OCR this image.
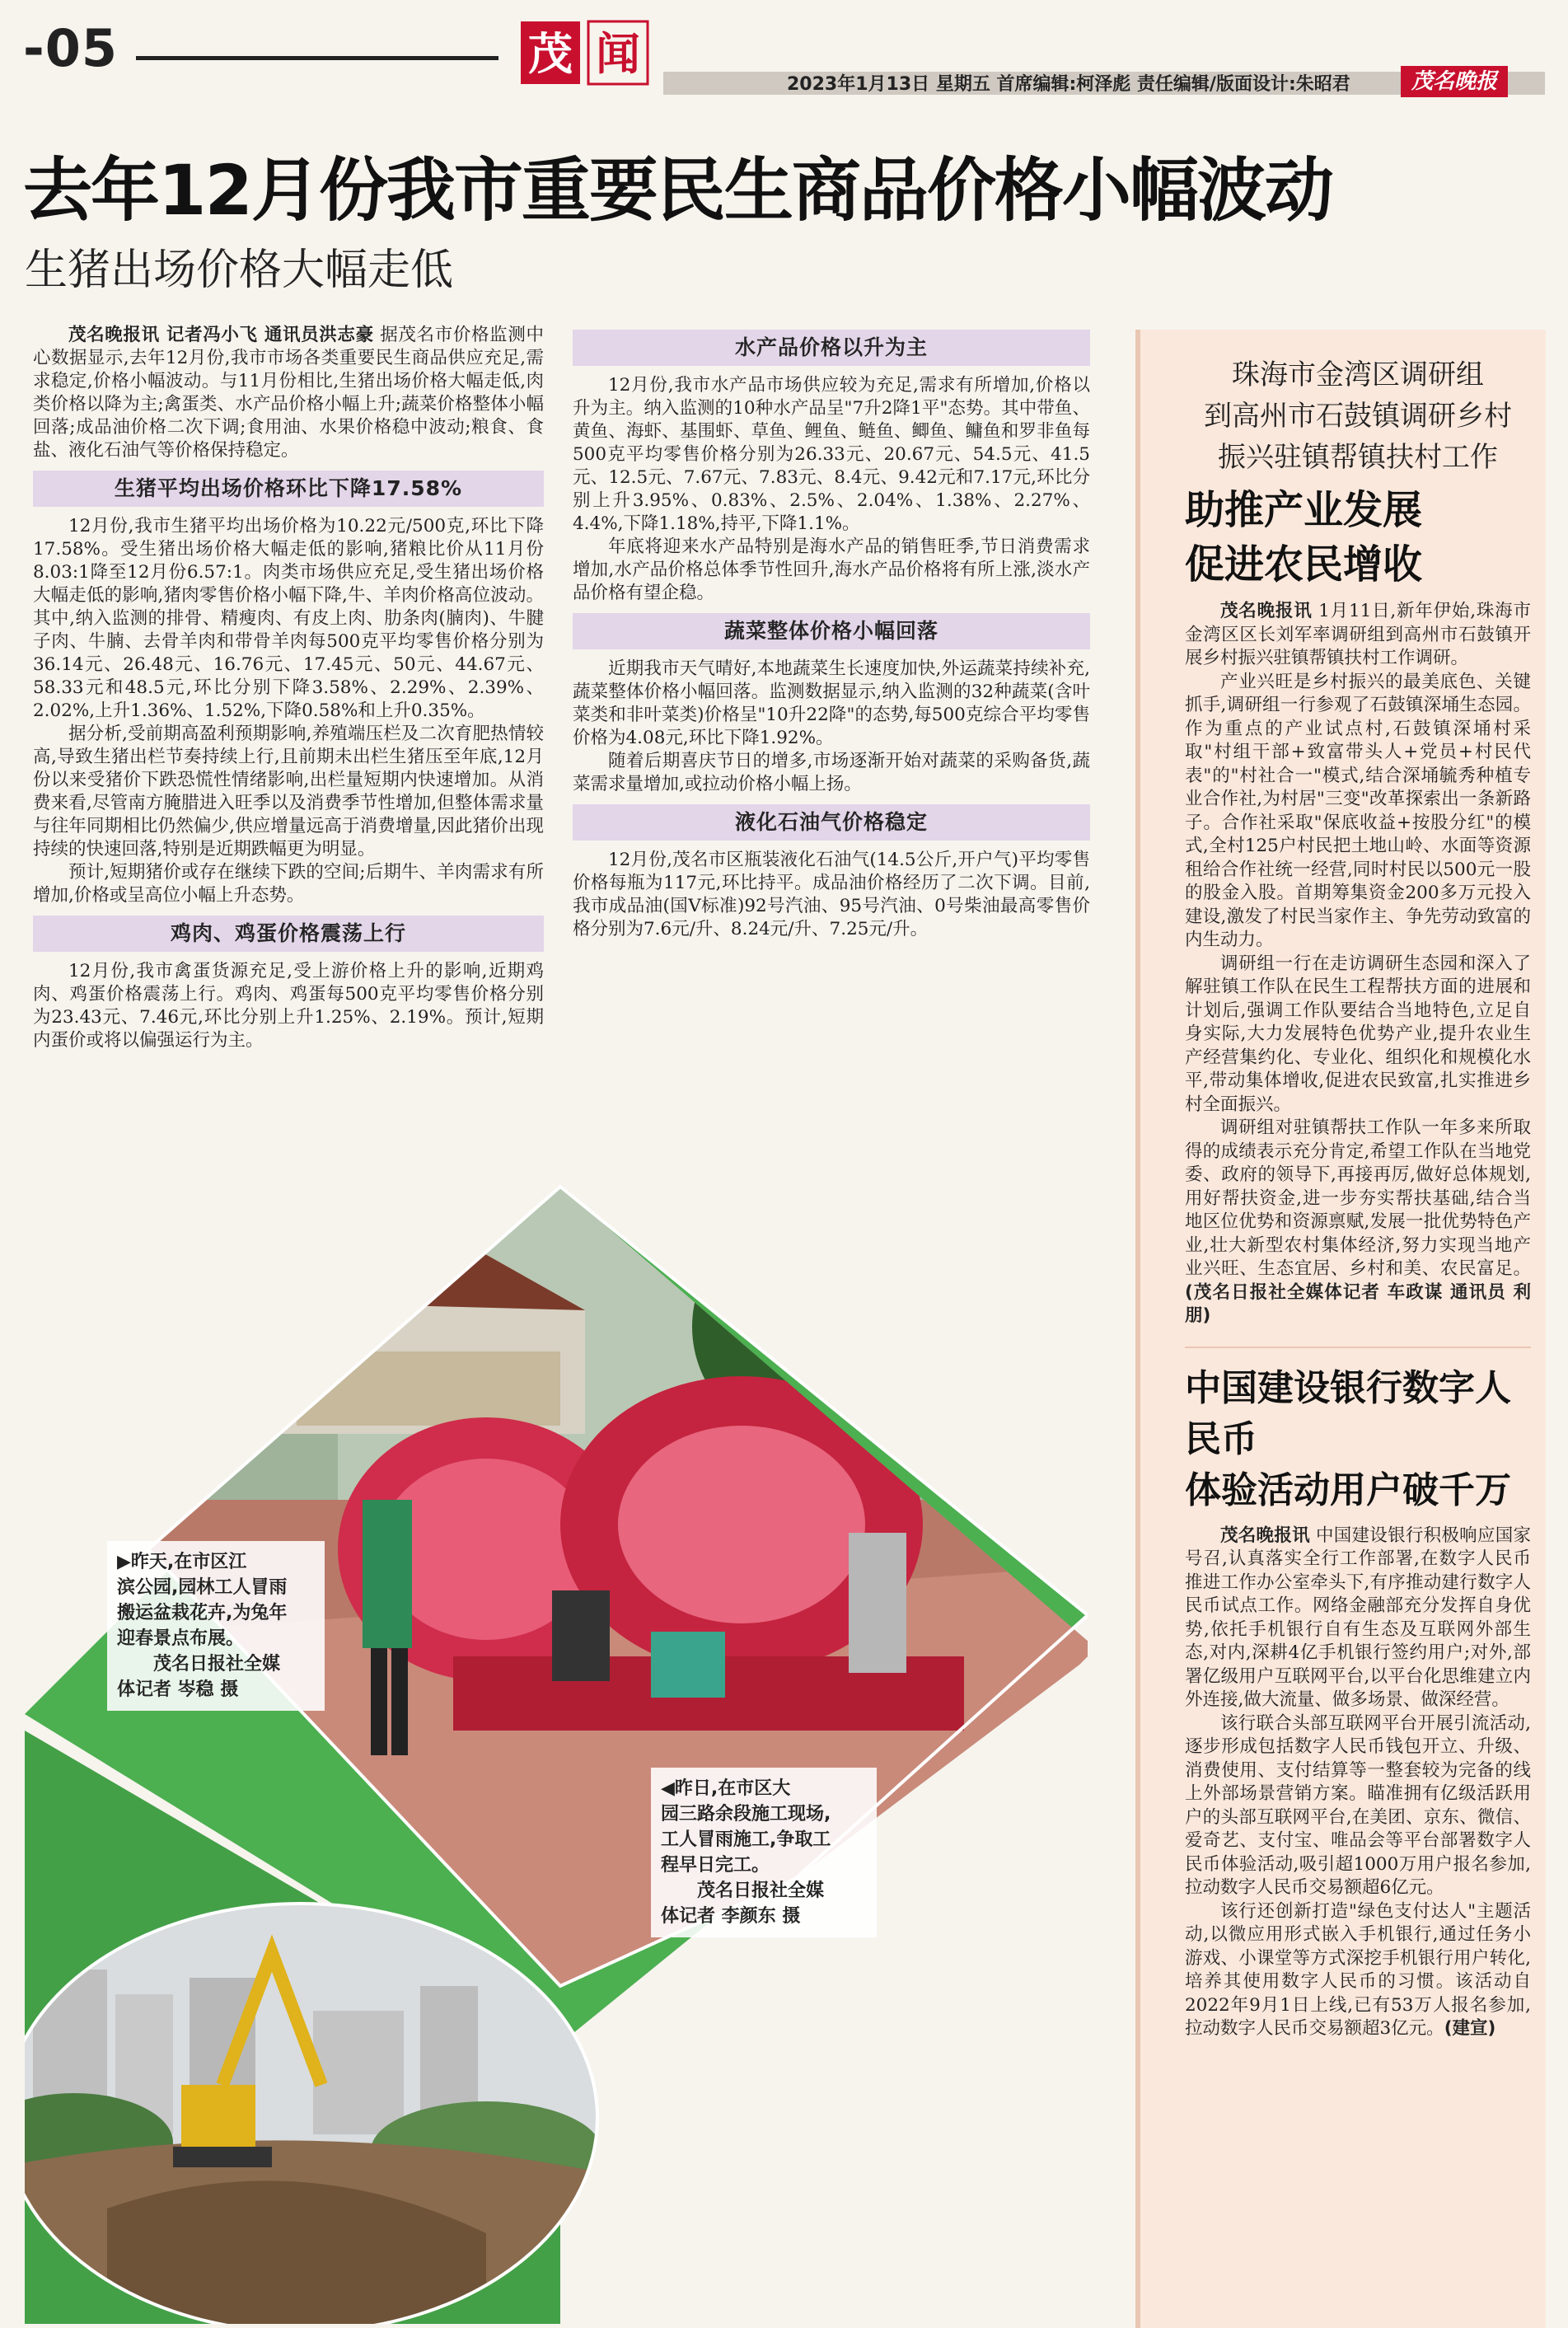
-05	茂 闻
2023年1月13日 星期五 首席编辑:柯泽彪 责任编辑/版面设计:朱昭君	茂名晚报
去年12月份我市重要民生商品价格小幅波动
生猪出场价格大幅走低

茂名晚报讯 记者冯小飞 通讯员洪志豪 据茂名市价格监测中心数据显示,去年12月份,我市市场各类重要民生商品供应充足,需求稳定,价格小幅波动。与11月份相比,生猪出场价格大幅走低,肉类价格以降为主;禽蛋类、水产品价格小幅上升;蔬菜价格整体小幅回落;成品油价格二次下调;食用油、水果价格稳中波动;粮食、食盐、液化石油气等价格保持稳定。

生猪平均出场价格环比下降17.58%

12月份,我市生猪平均出场价格为10.22元/500克,环比下降17.58%。受生猪出场价格大幅走低的影响,猪粮比价从11月份8.03:1降至12月份6.57:1。肉类市场供应充足,受生猪出场价格大幅走低的影响,猪肉零售价格小幅下降,牛、羊肉价格高位波动。其中,纳入监测的排骨、精瘦肉、有皮上肉、肋条肉(腩肉)、牛腱子肉、牛腩、去骨羊肉和带骨羊肉每500克平均零售价格分别为36.14元、26.48元、16.76元、17.45元、50元、44.67元、58.33元和48.5元,环比分别下降3.58%、2.29%、2.39%、2.02%,上升1.36%、1.52%,下降0.58%和上升0.35%。

据分析,受前期高盈利预期影响,养殖端压栏及二次育肥热情较高,导致生猪出栏节奏持续上行,且前期未出栏生猪压至年底,12月份以来受猪价下跌恐慌性情绪影响,出栏量短期内快速增加。从消费来看,尽管南方腌腊进入旺季以及消费季节性增加,但整体需求量与往年同期相比仍然偏少,供应增量远高于消费增量,因此猪价出现持续的快速回落,特别是近期跌幅更为明显。

预计,短期猪价或存在继续下跌的空间;后期牛、羊肉需求有所增加,价格或呈高位小幅上升态势。

鸡肉、鸡蛋价格震荡上行

12月份,我市禽蛋货源充足,受上游价格上升的影响,近期鸡肉、鸡蛋价格震荡上行。鸡肉、鸡蛋每500克平均零售价格分别为23.43元、7.46元,环比分别上升1.25%、2.19%。预计,短期内蛋价或将以偏强运行为主。

水产品价格以升为主

12月份,我市水产品市场供应较为充足,需求有所增加,价格以升为主。纳入监测的10种水产品呈"7升2降1平"态势。其中带鱼、黄鱼、海虾、基围虾、草鱼、鲤鱼、鲢鱼、鲫鱼、鳙鱼和罗非鱼每500克平均零售价格分别为26.33元、20.67元、54.5元、41.5元、12.5元、7.67元、7.83元、8.4元、9.42元和7.17元,环比分别上升3.95%、0.83%、2.5%、2.04%、1.38%、2.27%、4.4%,下降1.18%,持平,下降1.1%。

年底将迎来水产品特别是海水产品的销售旺季,节日消费需求增加,水产品价格总体季节性回升,海水产品价格将有所上涨,淡水产品价格有望企稳。

蔬菜整体价格小幅回落

近期我市天气晴好,本地蔬菜生长速度加快,外运蔬菜持续补充,蔬菜整体价格小幅回落。监测数据显示,纳入监测的32种蔬菜(含叶菜类和非叶菜类)价格呈"10升22降"的态势,每500克综合平均零售价格为4.08元,环比下降1.92%。

随着后期喜庆节日的增多,市场逐渐开始对蔬菜的采购备货,蔬菜需求量增加,或拉动价格小幅上扬。

液化石油气价格稳定

12月份,茂名市区瓶装液化石油气(14.5公斤,开户气)平均零售价格每瓶为117元,环比持平。成品油价格经历了二次下调。目前,我市成品油(国Ⅴ标准)92号汽油、95号汽油、0号柴油最高零售价格分别为7.6元/升、8.24元/升、7.25元/升。

▶昨天,在市区江

滨公园,园林工人冒雨

搬运盆栽花卉,为兔年

迎春景点布展。

茂名日报社全媒

体记者 岑稳 摄

◀昨日,在市区大

园三路余段施工现场,

工人冒雨施工,争取工

程早日完工。

茂名日报社全媒

体记者 李颜东 摄

珠海市金湾区调研组

到高州市石鼓镇调研乡村

振兴驻镇帮镇扶村工作

助推产业发展

促进农民增收

茂名晚报讯 1月11日,新年伊始,珠海市金湾区区长刘军率调研组到高州市石鼓镇开展乡村振兴驻镇帮镇扶村工作调研。

产业兴旺是乡村振兴的最美底色、关键抓手,调研组一行参观了石鼓镇深埇生态园。作为重点的产业试点村,石鼓镇深埇村采取"村组干部+致富带头人+党员+村民代表"的"村社合一"模式,结合深埇毓秀种植专业合作社,为村居"三变"改革探索出一条新路子。合作社采取"保底收益+按股分红"的模式,全村125户村民把土地山岭、水面等资源租给合作社统一经营,同时村民以500元一股的股金入股。首期筹集资金200多万元投入建设,激发了村民当家作主、争先劳动致富的内生动力。

调研组一行在走访调研生态园和深入了解驻镇工作队在民生工程帮扶方面的进展和计划后,强调工作队要结合当地特色,立足自身实际,大力发展特色优势产业,提升农业生产经营集约化、专业化、组织化和规模化水平,带动集体增收,促进农民致富,扎实推进乡村全面振兴。

调研组对驻镇帮扶工作队一年多来所取得的成绩表示充分肯定,希望工作队在当地党委、政府的领导下,再接再厉,做好总体规划,用好帮扶资金,进一步夯实帮扶基础,结合当地区位优势和资源禀赋,发展一批优势特色产业,壮大新型农村集体经济,努力实现当地产业兴旺、生态宜居、乡村和美、农民富足。(茂名日报社全媒体记者 车政谋 通讯员 利朋)

中国建设银行数字人民币

体验活动用户破千万

茂名晚报讯 中国建设银行积极响应国家号召,认真落实全行工作部署,在数字人民币推进工作办公室牵头下,有序推动建行数字人民币试点工作。网络金融部充分发挥自身优势,依托手机银行自有生态及互联网外部生态,对内,深耕4亿手机银行签约用户;对外,部署亿级用户互联网平台,以平台化思维建立内外连接,做大流量、做多场景、做深经营。

该行联合头部互联网平台开展引流活动,逐步形成包括数字人民币钱包开立、升级、消费使用、支付结算等一整套较为完备的线上外部场景营销方案。瞄准拥有亿级活跃用户的头部互联网平台,在美团、京东、微信、爱奇艺、支付宝、唯品会等平台部署数字人民币体验活动,吸引超1000万用户报名参加,拉动数字人民币交易额超6亿元。

该行还创新打造"绿色支付达人"主题活动,以微应用形式嵌入手机银行,通过任务小游戏、小课堂等方式深挖手机银行用户转化,培养其使用数字人民币的习惯。该活动自2022年9月1日上线,已有53万人报名参加,拉动数字人民币交易额超3亿元。(建宣)
